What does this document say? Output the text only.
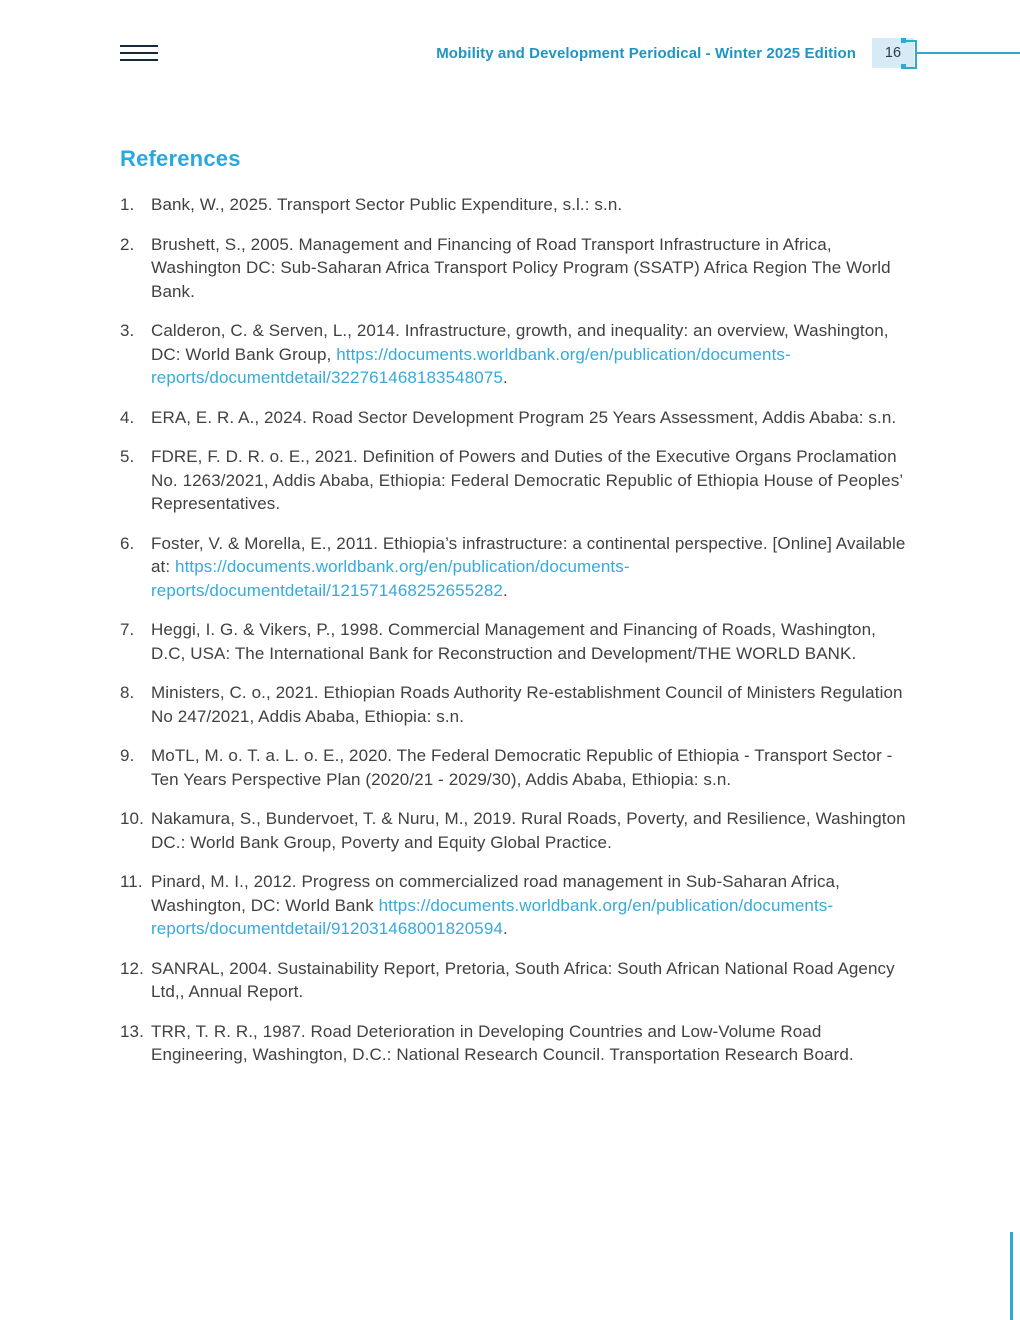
Mobility and Development Periodical - Winter 2025 Edition 16
References
1. Bank, W., 2025. Transport Sector Public Expenditure, s.l.: s.n.
2. Brushett, S., 2005. Management and Financing of Road Transport Infrastructure in Africa, Washington DC: Sub-Saharan Africa Transport Policy Program (SSATP) Africa Region The World Bank.
3. Calderon, C. & Serven, L., 2014. Infrastructure, growth, and inequality: an overview, Washington, DC: World Bank Group, https://documents.worldbank.org/en/publication/documents-reports/documentdetail/322761468183548075.
4. ERA, E. R. A., 2024. Road Sector Development Program 25 Years Assessment, Addis Ababa: s.n.
5. FDRE, F. D. R. o. E., 2021. Definition of Powers and Duties of the Executive Organs Proclamation No. 1263/2021, Addis Ababa, Ethiopia: Federal Democratic Republic of Ethiopia House of Peoples’ Representatives.
6. Foster, V. & Morella, E., 2011. Ethiopia’s infrastructure: a continental perspective. [Online] Available at: https://documents.worldbank.org/en/publication/documents-reports/documentdetail/121571468252655282.
7. Heggi, I. G. & Vikers, P., 1998. Commercial Management and Financing of Roads, Washington, D.C, USA: The International Bank for Reconstruction and Development/THE WORLD BANK.
8. Ministers, C. o., 2021. Ethiopian Roads Authority Re-establishment Council of Ministers Regulation No 247/2021, Addis Ababa, Ethiopia: s.n.
9. MoTL, M. o. T. a. L. o. E., 2020. The Federal Democratic Republic of Ethiopia - Transport Sector - Ten Years Perspective Plan (2020/21 - 2029/30), Addis Ababa, Ethiopia: s.n.
10. Nakamura, S., Bundervoet, T. & Nuru, M., 2019. Rural Roads, Poverty, and Resilience, Washington DC.: World Bank Group, Poverty and Equity Global Practice.
11. Pinard, M. I., 2012. Progress on commercialized road management in Sub-Saharan Africa, Washington, DC: World Bank https://documents.worldbank.org/en/publication/documents-reports/documentdetail/912031468001820594.
12. SANRAL, 2004. Sustainability Report, Pretoria, South Africa: South African National Road Agency Ltd,, Annual Report.
13. TRR, T. R. R., 1987. Road Deterioration in Developing Countries and Low-Volume Road Engineering, Washington, D.C.: National Research Council. Transportation Research Board.
